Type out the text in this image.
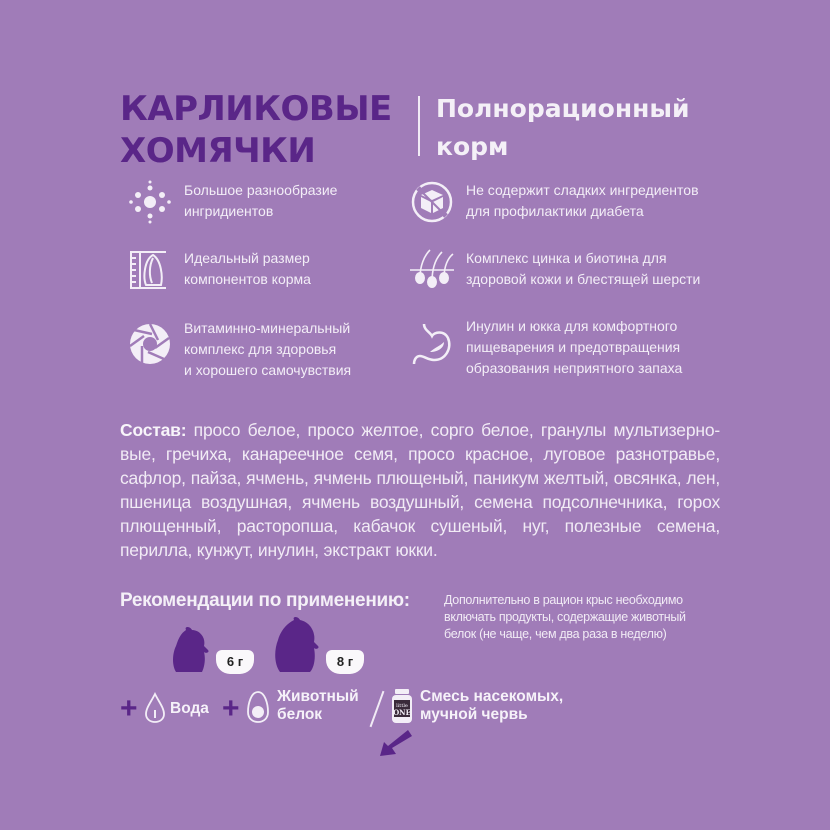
КАРЛИКОВЫЕ
ХОМЯЧКИ
Полнорационный
корм
Большое разнообразие
ингридиентов
Идеальный размер
компонентов корма
Витаминно-минеральный
комплекс для здоровья
и хорошего самочувствия
Не содержит сладких ингредиентов
для профилактики диабета
Комплекс цинка и биотина для
здоровой кожи и блестящей шерсти
Инулин и юкка для комфортного
пищеварения и предотвращения
образования неприятного запаха
Состав: просо белое, просо желтое, сорго белое, гранулы мультизерно-вые, гречиха, канареечное семя, просо красное, луговое разнотравье, сафлор, пайза, ячмень, ячмень плющеный, паникум желтый, овсянка, лен, пшеница воздушная, ячмень воздушный, семена подсолнечника, горох плющенный, расторопша, кабачок сушеный, нуг, полезные семена, перилла, кунжут, инулин, экстракт юкки.
Рекомендации по применению:	Дополнительно в рацион крыс необходимо
включать продукты, содержащие животный
белок (не чаще, чем два раза в неделю)
6 г	8 г
+ Вода + Животный
белок	little
ONE
Смесь насекомых,
мучной червь
